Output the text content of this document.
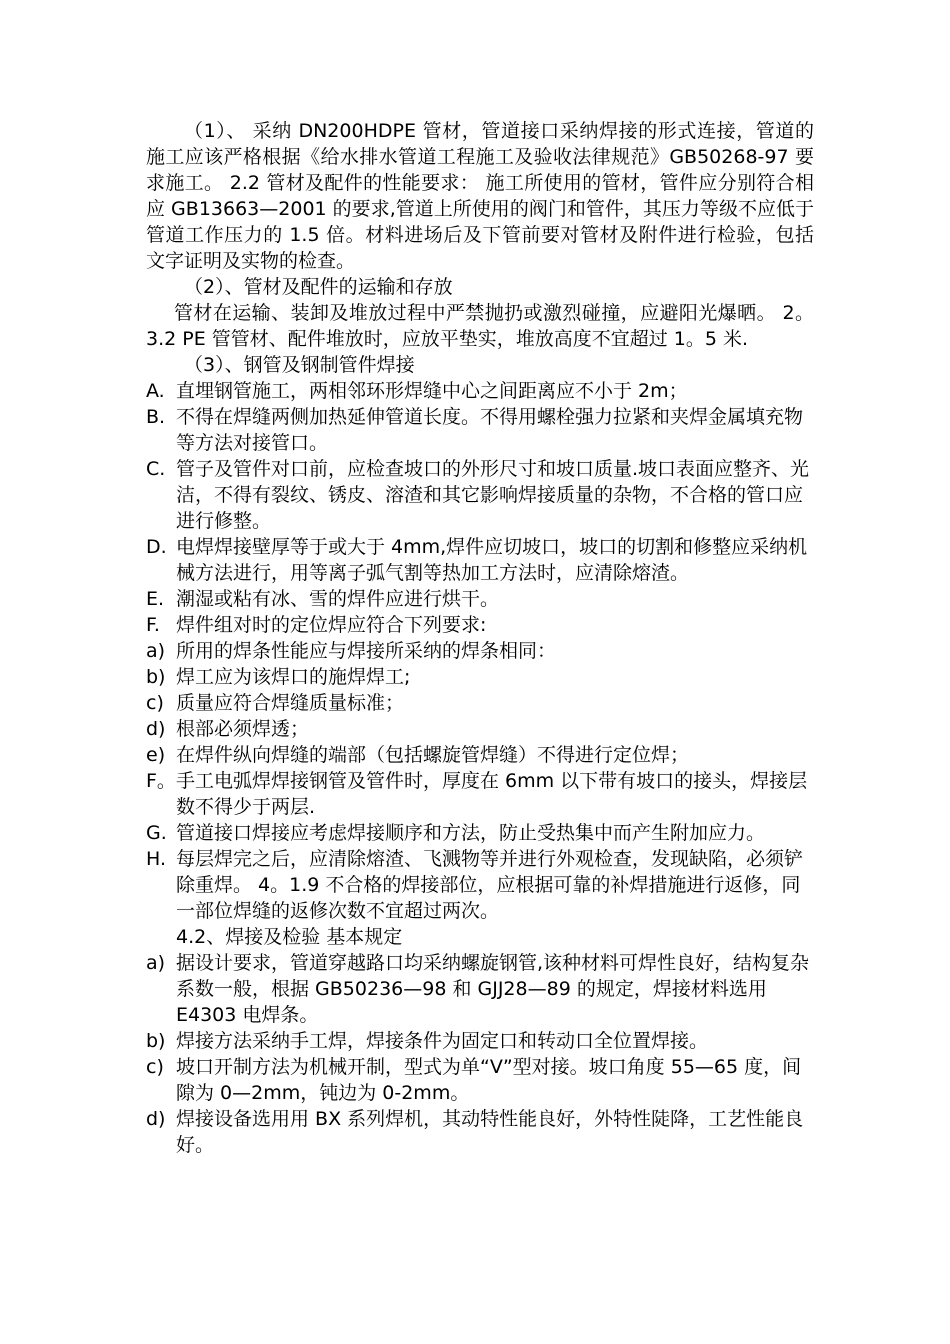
（1）、 采纳 DN200HDPE 管材，管道接口采纳焊接的形式连接，管道的施工应该严格根据《给水排水管道工程施工及验收法律规范》GB50268-97 要求施工。 2.2 管材及配件的性能要求： 施工所使用的管材，管件应分别符合相应 GB13663—2001 的要求,管道上所使用的阀门和管件，其压力等级不应低于管道工作压力的 1.5 倍。材料进场后及下管前要对管材及附件进行检验，包括文字证明及实物的检查。

（2）、管材及配件的运输和存放

管材在运输、装卸及堆放过程中严禁抛扔或激烈碰撞，应避阳光爆晒。 2。3.2 PE 管管材、配件堆放时，应放平垫实，堆放高度不宜超过 1。5 米.

（3）、钢管及钢制管件焊接

A. 直埋钢管施工，两相邻环形焊缝中心之间距离应不小于 2m；
B. 不得在焊缝两侧加热延伸管道长度。不得用螺栓强力拉紧和夹焊金属填充物等方法对接管口。
C. 管子及管件对口前，应检查坡口的外形尺寸和坡口质量.坡口表面应整齐、光洁，不得有裂纹、锈皮、溶渣和其它影响焊接质量的杂物，不合格的管口应进行修整。
D. 电焊焊接壁厚等于或大于 4mm,焊件应切坡口，坡口的切割和修整应采纳机械方法进行，用等离子弧气割等热加工方法时，应清除熔渣。
E. 潮湿或粘有冰、雪的焊件应进行烘干。
F. 焊件组对时的定位焊应符合下列要求:
a) 所用的焊条性能应与焊接所采纳的焊条相同：
b) 焊工应为该焊口的施焊焊工;
c) 质量应符合焊缝质量标准；
d) 根部必须焊透；
e) 在焊件纵向焊缝的端部（包括螺旋管焊缝）不得进行定位焊；
F。 手工电弧焊焊接钢管及管件时，厚度在 6mm 以下带有坡口的接头，焊接层数不得少于两层.
G. 管道接口焊接应考虑焊接顺序和方法，防止受热集中而产生附加应力。
H. 每层焊完之后，应清除熔渣、飞溅物等并进行外观检查，发现缺陷，必须铲除重焊。 4。1.9 不合格的焊接部位，应根据可靠的补焊措施进行返修，同一部位焊缝的返修次数不宜超过两次。

4.2、焊接及检验 基本规定

a) 据设计要求，管道穿越路口均采纳螺旋钢管,该种材料可焊性良好，结构复杂系数一般，根据 GB50236—98 和 GJJ28—89 的规定，焊接材料选用 E4303 电焊条。
b) 焊接方法采纳手工焊，焊接条件为固定口和转动口全位置焊接。
c) 坡口开制方法为机械开制，型式为单“V”型对接。坡口角度 55—65 度，间隙为 0—2mm，钝边为 0-2mm。
d) 焊接设备选用用 BX 系列焊机，其动特性能良好，外特性陡降，工艺性能良好。
